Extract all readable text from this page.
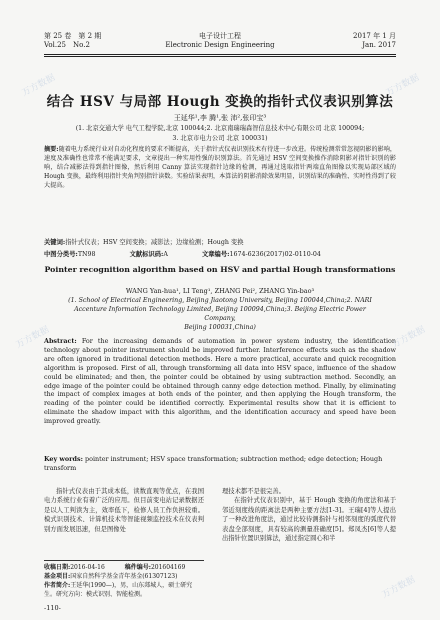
第 25 卷　第 2 期
Vol.25　No.2
电子设计工程
Electronic Design Engineering
2017 年 1 月
Jan. 2017
结合 HSV 与局部 Hough 变换的指针式仪表识别算法
王延华¹,李 腾¹,张 沛²,张印宝³
(1. 北京交通大学 电气工程学院,北京 100044;2. 北京南瑞瑞森智信息技术中心有限公司 北京 100094;
3. 北京市电力公司 北京 100031)
摘要:随着电力系统行业对自动化程度的要求不断提高，关于指针式仪表识别技术有待进一步改进。传统检测常常忽视阴影的影响，速度及准确性也常常不能满足要求，文章提出一种实用性强的识别算法。首先通过 HSV 空间变换操作消除阴影对指针识别的影响，结合减影法得到指针图像，然后利用 Canny 算法实现指针边缘的检测，再通过选取指针两端直角图像以实现局部区域的 Hough 变换，最终利用指针夹角判别指针读数。实验结果表明，本算法的阴影消除效果明显，识别结果的准确性、实时性得到了较大提高。
关键词:指针式仪表；HSV 空间变换；减影法；边缘检测；Hough 变换
中图分类号:TN98	文献标识码:A	文章编号:1674-6236(2017)02-0110-04
Pointer recognition algorithm based on HSV and partial Hough transformations
WANG Yan-hua¹, LI Teng¹, ZHANG Pei², ZHANG Yin-bao³
(1. School of Electrical Engineering, Beijing Jiaotong University, Beijing 100044,China;2. NARI
Accenture Information Technology Limited, Beijing 100094,China;3. Beijing Electric Power Company,
Beijing 100031,China)
Abstract: For the increasing demands of automation in power system industry, the identification technology about pointer instrument should be improved further. Interference effects such as the shadow are often ignored in traditional detection methods. Here a more practical, accurate and quick recognition algorithm is proposed. First of all, through transforming all data into HSV space, influence of the shadow could be eliminated; and then, the pointer could be obtained by using subtraction method. Secondly, an edge image of the pointer could be obtained through canny edge detection method. Finally, by eliminating the impact of complex images at both ends of the pointer, and then applying the Hough transform, the reading of the pointer could be identified correctly. Experimental results show that it is efficient to eliminate the shadow impact with this algorithm, and the identification accuracy and speed have been improved greatly.
Key words: pointer instrument; HSV space transformation; subtraction method; edge detection; Hough transform

指针式仪表由于其成本低，读数直观等优点，在我国电力系统行业有着广泛的应用。但目前变电站记录数据还是以人工判读为主，效率低下，检修人员工作负担较重。模式识别技术、计算机技术等智能视频监控技术在仪表判别方面发展迅速，但是图像处

理技术都不是很完善。

在指针式仪表识别中，基于 Hough 变换的角度法和基于邻近刻度线的距离法是两种主要方法[1-3]。王瑞[4]等人提出了一种改进角度法，通过比较待测指针与相邻刻度的弧度代替表盘全部刻度，具有较高的测量准确度[5]。郑凤杰[6]等人提出指针位置识别算法，通过指定圆心和半

收稿日期:2016-04-16	稿件编号:201604169
基金项目:国家自然科学基金青年基金(61307123)
作者简介:王延华(1990—)，男，山东郯城人，硕士研究生。研究方向：模式识别、智能检测。
-110-
万方数据	万方数据
万方数据	万方数据
万方数据
